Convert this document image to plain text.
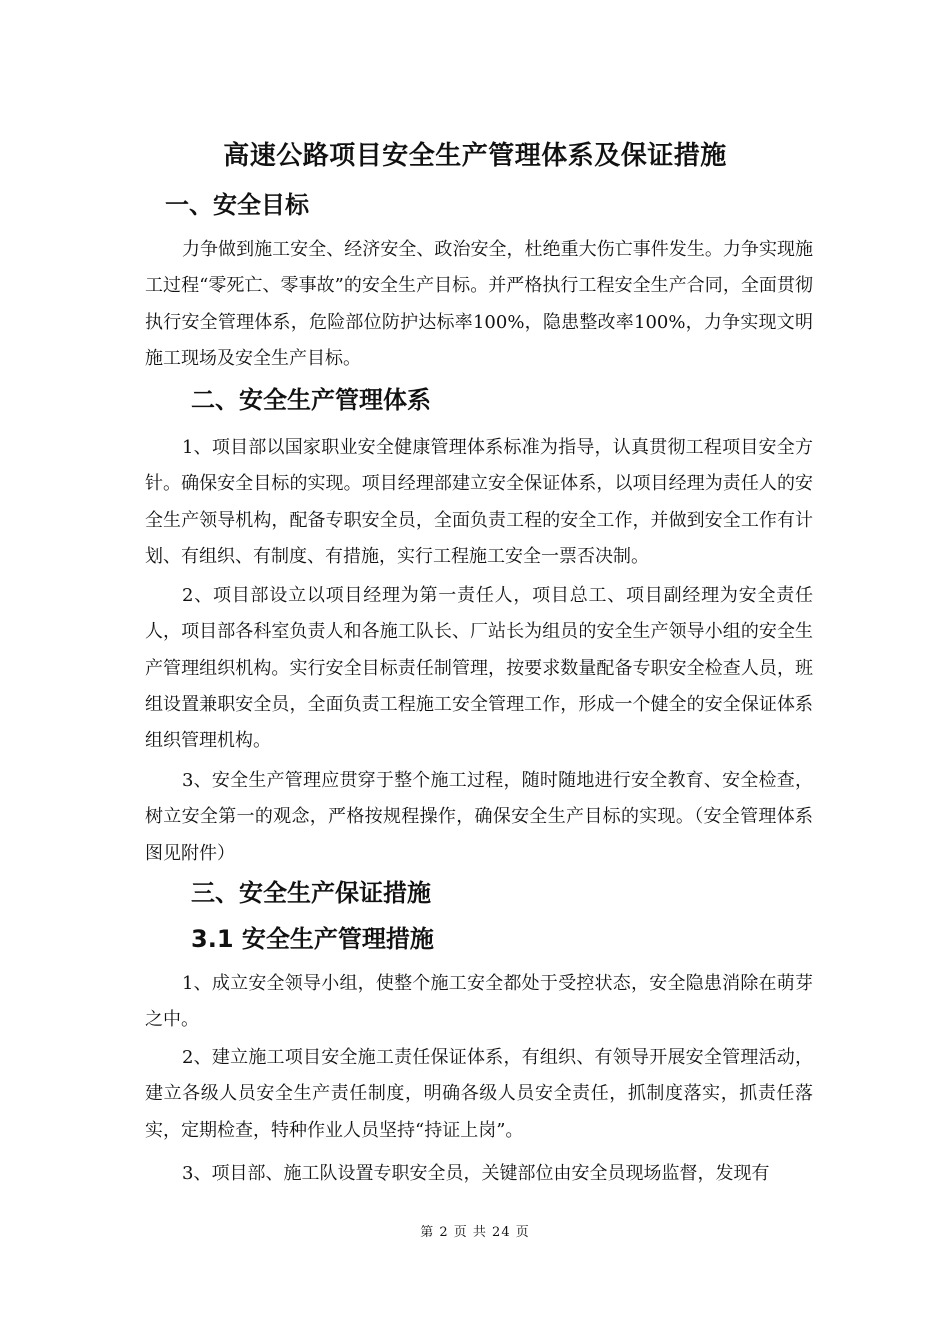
高速公路项目安全生产管理体系及保证措施
一、安全目标
力争做到施工安全、经济安全、政治安全，杜绝重大伤亡事件发生。力争实现施工过程“零死亡、零事故”的安全生产目标。并严格执行工程安全生产合同，全面贯彻执行安全管理体系，危险部位防护达标率100%，隐患整改率100%，力争实现文明施工现场及安全生产目标。
二、安全生产管理体系
1、项目部以国家职业安全健康管理体系标准为指导，认真贯彻工程项目安全方针。确保安全目标的实现。项目经理部建立安全保证体系，以项目经理为责任人的安全生产领导机构，配备专职安全员，全面负责工程的安全工作，并做到安全工作有计划、有组织、有制度、有措施，实行工程施工安全一票否决制。
2、项目部设立以项目经理为第一责任人，项目总工、项目副经理为安全责任人，项目部各科室负责人和各施工队长、厂站长为组员的安全生产领导小组的安全生产管理组织机构。实行安全目标责任制管理，按要求数量配备专职安全检查人员，班组设置兼职安全员，全面负责工程施工安全管理工作，形成一个健全的安全保证体系组织管理机构。
3、安全生产管理应贯穿于整个施工过程，随时随地进行安全教育、安全检查，树立安全第一的观念，严格按规程操作，确保安全生产目标的实现。（安全管理体系图见附件）
三、安全生产保证措施
3.1 安全生产管理措施
1、成立安全领导小组，使整个施工安全都处于受控状态，安全隐患消除在萌芽之中。
2、建立施工项目安全施工责任保证体系，有组织、有领导开展安全管理活动，建立各级人员安全生产责任制度，明确各级人员安全责任，抓制度落实，抓责任落实，定期检查，特种作业人员坚持“持证上岗”。
3、项目部、施工队设置专职安全员，关键部位由安全员现场监督，发现有
第 2 页 共 24 页
